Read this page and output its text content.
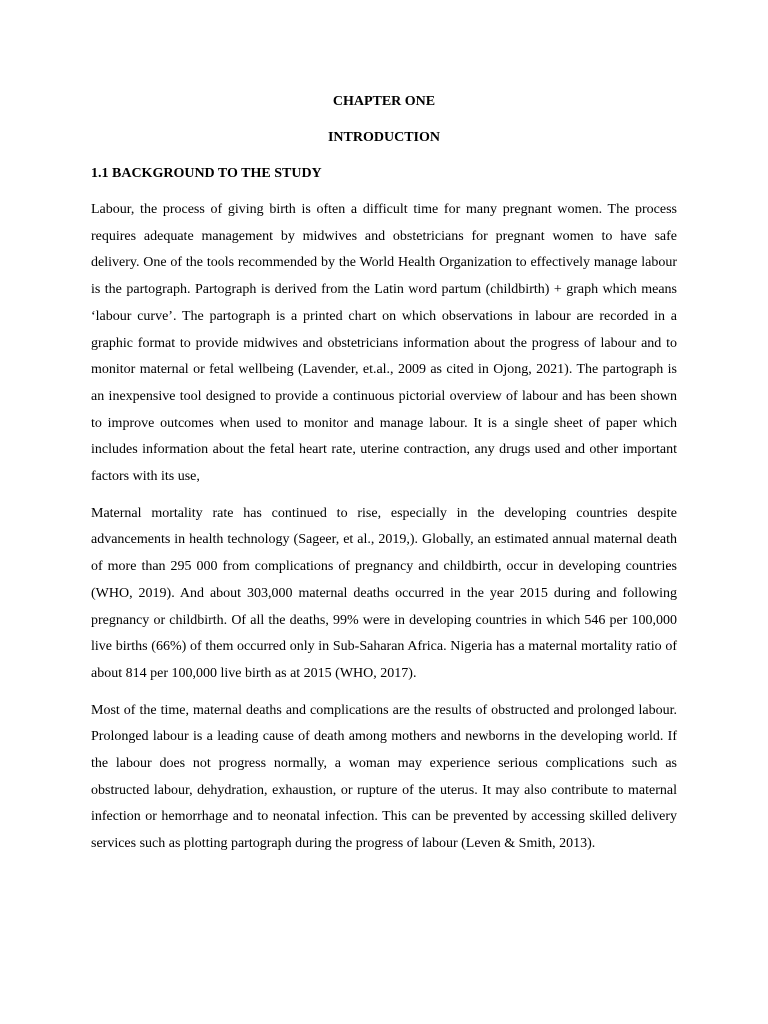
CHAPTER ONE

INTRODUCTION

1.1 BACKGROUND TO THE STUDY

Labour, the process of giving birth is often a difficult time for many pregnant women. The process requires adequate management by midwives and obstetricians for pregnant women to have safe delivery. One of the tools recommended by the World Health Organization to effectively manage labour is the partograph. Partograph is derived from the Latin word partum (childbirth) + graph which means ‘labour curve’. The partograph is a printed chart on which observations in labour are recorded in a graphic format to provide midwives and obstetricians information about the progress of labour and to monitor maternal or fetal wellbeing (Lavender, et.al., 2009 as cited in Ojong, 2021). The partograph is an inexpensive tool designed to provide a continuous pictorial overview of labour and has been shown to improve outcomes when used to monitor and manage labour. It is a single sheet of paper which includes information about the fetal heart rate, uterine contraction, any drugs used and other important factors with its use,

Maternal mortality rate has continued to rise, especially in the developing countries despite advancements in health technology (Sageer, et al., 2019,). Globally, an estimated annual maternal death of more than 295 000 from complications of pregnancy and childbirth, occur in developing countries (WHO, 2019). And about 303,000 maternal deaths occurred in the year 2015 during and following pregnancy or childbirth. Of all the deaths, 99% were in developing countries in which 546 per 100,000 live births (66%) of them occurred only in Sub-Saharan Africa. Nigeria has a maternal mortality ratio of about 814 per 100,000 live birth as at 2015 (WHO, 2017).

Most of the time, maternal deaths and complications are the results of obstructed and prolonged labour. Prolonged labour is a leading cause of death among mothers and newborns in the developing world. If the labour does not progress normally, a woman may experience serious complications such as obstructed labour, dehydration, exhaustion, or rupture of the uterus. It may also contribute to maternal infection or hemorrhage and to neonatal infection. This can be prevented by accessing skilled delivery services such as plotting partograph during the progress of labour (Leven & Smith, 2013).
